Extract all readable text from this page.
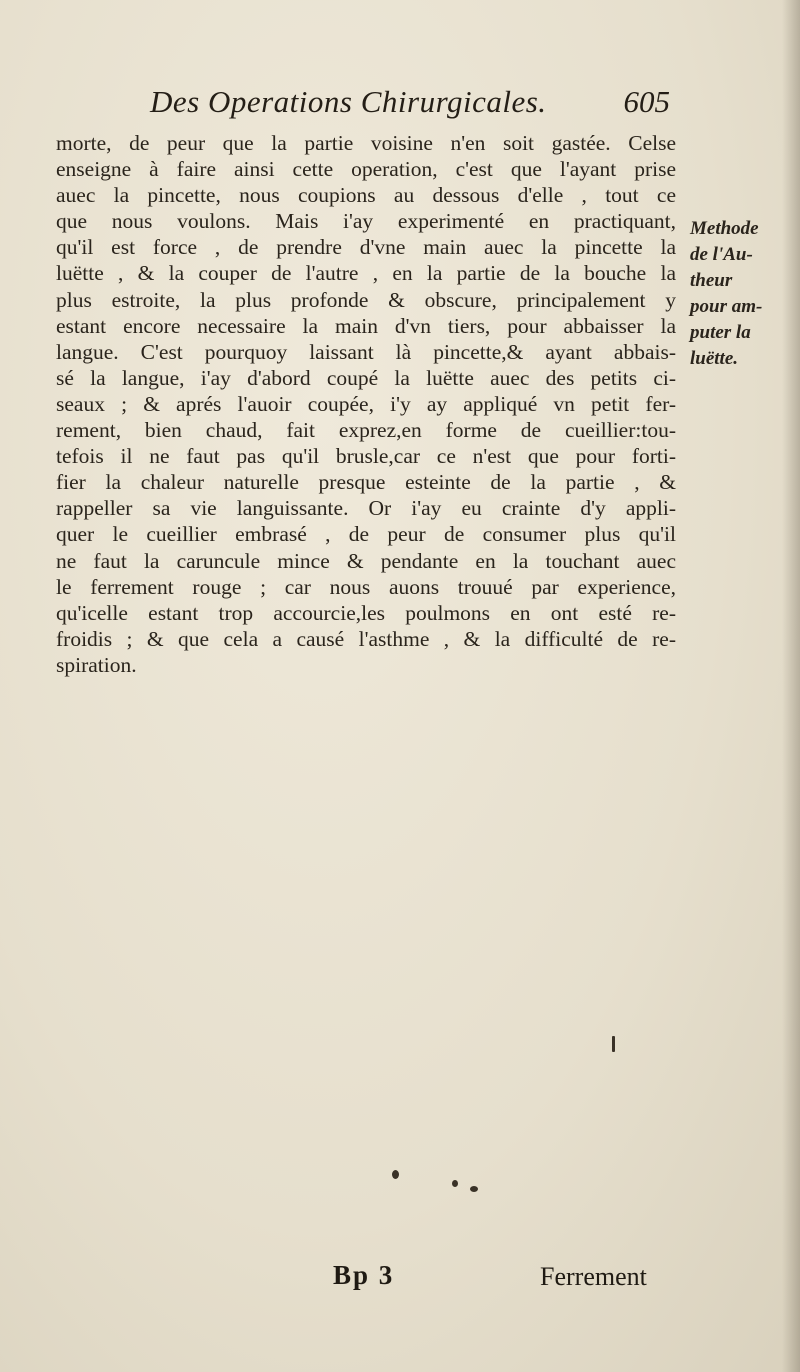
Des Operations Chirurgicales. 605
morte, de peur que la partie voisine n'en soit gastée. Celse
enseigne à faire ainsi cette operation, c'est que l'ayant prise
auec la pincette, nous coupions au dessous d'elle , tout ce
que nous voulons. Mais i'ay experimenté en practiquant,
qu'il est force , de prendre d'vne main auec la pincette la
luëtte , & la couper de l'autre , en la partie de la bouche la
plus estroite, la plus profonde & obscure, principalement y
estant encore necessaire la main d'vn tiers, pour abbaisser la
langue. C'est pourquoy laissant là pincette,& ayant abbais-
sé la langue, i'ay d'abord coupé la luëtte auec des petits ci-
seaux ; & aprés l'auoir coupée, i'y ay appliqué vn petit fer-
rement, bien chaud, fait exprez,en forme de cueillier:tou-
tefois il ne faut pas qu'il brusle,car ce n'est que pour forti-
fier la chaleur naturelle presque esteinte de la partie , &
rappeller sa vie languissante. Or i'ay eu crainte d'y appli-
quer le cueillier embrasé , de peur de consumer plus qu'il
ne faut la caruncule mince & pendante en la touchant auec
le ferrement rouge ; car nous auons trouué par experience,
qu'icelle estant trop accourcie,les poulmons en ont esté re-
froidis ; & que cela a causé l'asthme , & la difficulté de re-
spiration.
Methode
de l'Au-
theur
pour am-
puter la
luëtte.
Bp 3	Ferrement
